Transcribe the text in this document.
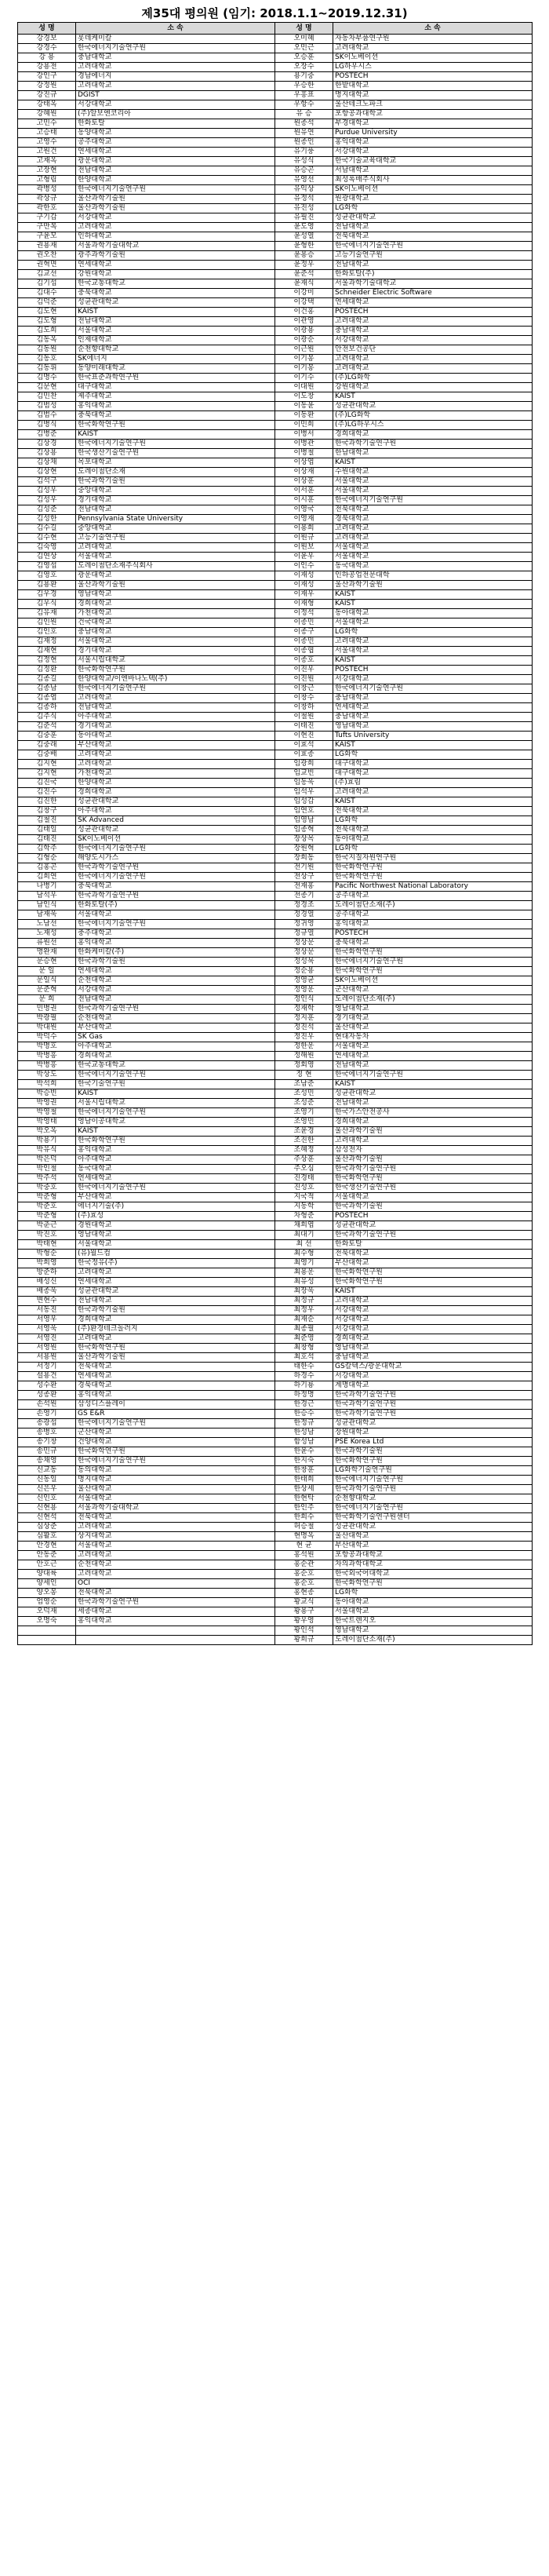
제35대 평의원 (임기: 2018.1.1~2019.12.31)
성 명	소 속	성 명	소 속
강경보	롯데케미칼	오미혜	자동차부품연구원
강경수	한국에너지기술연구원	오민근	고려대학교
강 용	충남대학교	오승훈	SK이노베이션
강용전	고려대학교	오장수	LG하우시스
강인구	경남에너지	용기중	POSTECH
강정원	고려대학교	우승한	한밭대학교
강진규	DGIST	우흥표	명지대학교
강태옥	서강대학교	우항수	울산테크노파크
강혜원	(주)알보엔코리아	유 승	포항공과대학교
고민수	한화토탈	원종석	부경대학교
고승태	동양대학교	원유연	Purdue University
고영수	공주대학교	원종인	홍익대학교
고원건	연세대학교	유기풍	서강대학교
고재옥	광운대학교	유성식	한국기술교육대학교
고장현	전남대학교	유승곤	서남대학교
고형림	한양대학교	유영선	최성폭매주식회사
곽병성	한국에너지기술연구원	유익상	SK이노베이션
곽상규	울산과학기술원	유정석	원광대학교
곽한호	울산과학기술원	유진성	LG화학
구기갑	서강대학교	유필진	성균관대학교
구만복	고려대학교	윤도영	전남대학교
구윤모	인하대학교	윤성열	전북대학교
권용재	서울과학기술대학교	윤형한	한국에너지기술연구원
권오찬	광주과학기술원	윤용승	고등기술연구원
권혁면	연세대학교	윤정우	전남대학교
김교선	강원대학교	윤준석	한화토탈(주)
김기섭	한국교통대학교	윤재식	서울과학기술대학교
김대수	충북대학교	이강미	Schneider Electric Software
김덕준	성균관대학교	이강택	연세대학교
김도현	KAIST	이건홍	POSTECH
김도형	전남대학교	이관영	고려대학교
김도희	서울대학교	이광용	충남대학교
김동옥	인제대학교	이광순	서강대학교
김동원	순천향대학교	이근원	안전보건공단
김동호	SK에너지	이기봉	고려대학교
김동휘	동양미래대학교	이기봉	고려대학교
김명수	한국표준과학연구원	이기수	(주)LG화학
김문현	대구대학교	이대원	강원대학교
김민찬	제주대학교	이도창	KAIST
김범성	홍익대학교	이동윤	성균관대학교
김범수	충북대학교	이동환	(주)LG화학
김병식	한국화학연구원	이민희	(주)LG하우시스
김병준	KAIST	이병서	경희대학교
김상경	한국에너지기술연구원	이병관	한국과학기술연구원
김상용	한국생산기술연구원	이병철	한남대학교
김상채	목포대학교	이상엽	KAIST
김상현	도레이첨단소재	이상재	수원대학교
김석구	한국과학기술원	이상훈	서울대학교
김성우	중앙대학교	이서훈	서울대학교
김성우	경기대학교	이시훈	한국에너지기술연구원
김성준	전남대학교	이영국	전북대학교
김성한	Pennsylvania State University	이영재	경북대학교
김수길	중앙대학교	이용희	고려대학교
김수현	고등기술연구원	이원규	고려대학교
김숙영	고려대학교	이원보	서울대학교
김연상	서울대학교	이윤우	서울대학교
김영섭	도레이첨단소재주식회사	이인수	동국대학교
김영호	광운대학교	이재성	인하공업전문대학
김용환	울산과학기술원	이재성	울산과학기술원
김우경	영남대학교	이재우	KAIST
김우식	경희대학교	이재형	KAIST
김유재	가천대학교	이정석	동아대학교
김인원	건국대학교	이종민	서울대학교
김인호	충남대학교	이종구	LG화학
김재정	서울대학교	이종민	고려대학교
김재현	경기대학교	이종협	서울대학교
김정현	서울시립대학교	이종호	KAIST
김정환	한국화학연구원	이진우	POSTECH
김종길	한양대학교/이엔바나노텍(주)	이진원	서강대학교
김종남	한국에너지기술연구원	이창근	한국에너지기술연구원
김종엽	고려대학교	이창수	충남대학교
김종하	전남대학교	이창하	연세대학교
김주식	아주대학교	이철원	충남대학교
김준석	경기대학교	이태진	영남대학교
김중훈	동아대학교	이현진	Tufts University
김중래	부산대학교	이효석	KAIST
김중배	고려대학교	이효종	LG화학
김지현	고려대학교	임광희	대구대학교
김지현	가천대학교	임교빈	대구대학교
김진국	한양대학교	임동욱	(주)효림
김진수	경희대학교	임석우	고려대학교
김진한	성균관대학교	임성갑	KAIST
김창구	아주대학교	임연호	전북대학교
김철진	SK Advanced	임영남	LG화학
김태일	성균관대학교	임종혁	전북대학교
김태진	SK이노베이션	장상목	동아대학교
김학주	한국에너지기술연구원	장원혁	LG화학
김형순	해양도시가스	장희동	한국지질자원연구원
김홍곤	한국과학기술연구원	전기원	한국화학연구원
김희연	한국에너지기술연구원	전상구	한국화학연구원
나병기	충북대학교	전재홍	Pacific Northwest National Laboratory
남석우	한국과학기술연구원	전종기	공주대학교
남인식	한화토탈(주)	정경조	도레이첨단소재(주)
남재욱	서울대학교	정경열	공주대학교
노남선	한국에너지기술연구원	정귀영	홍익대학교
노재성	충주대학교	정규열	POSTECH
류원선	홍익대학교	정상문	충북대학교
명완재	한화케미칼(주)	정상문	한국화학연구원
문승현	한국과학기술원	정성묵	한국에너지기술연구원
문 일	연세대학교	정순용	한국화학연구원
문일식	순천대학교	정영균	SK이노베이션
문준혁	서강대학교	정영운	군산대학교
문 희	전남대학교	정인식	도레이첨단소재(주)
민병권	한국과학기술연구원	정재학	영남대학교
박광필	순천대학교	정지훈	경기대학교
박대원	부산대학교	정진석	울산대학교
박덕수	SK Gas	정진우	현대자동차
박명호	아주대학교	정한운	서울대학교
박병흥	경희대학교	정해원	연세대학교
박병흥	한국교통대학교	정회영	전남대학교
박상도	한국에너지기술연구원	정 현	한국에너지기술연구원
박석희	한국기술연구원	조남준	KAIST
박승빈	KAIST	조성민	성균관대학교
박영권	서울시립대학교	조성준	전남대학교
박영철	한국에너지기술연구원	조영기	한국가스안전공사
박영태	영남이공대학교	조영민	경희대학교
박오옥	KAIST	조윤경	울산과학기술원
박용기	한국화학연구원	조진한	고려대학교
박유식	홍익대학교	조혜정	삼성전자
박은덕	아주대학교	주상훈	울산과학기술원
박인철	동국대학교	주오심	한국과학기술연구원
박주석	연세대학교	진경태	한국화학연구원
박중호	한국에너지기술연구원	진성호	한국생산기술연구원
박준형	부산대학교	지국적	서울대학교
박준호	에너지기술(주)	지동학	한국과학기술원
박준형	(주)효성	차형준	POSTECH
박춘근	경원대학교	채희엽	성균관대학교
박진호	영남대학교	최대기	한국과학기술연구원
박태현	서울대학교	최 선	한화토탈
박형순	(유)월드컴	최수형	전북대학교
박희영	한국정유(주)	최영기	부산대학교
방준하	고려대학교	최용운	한국화학연구원
배성신	연세대학교	최유성	한국화학연구원
배종욱	성균관대학교	최장욱	KAIST
변현수	전남대학교	최정규	고려대학교
서동진	한국과학기술원	최정우	서강대학교
서영우	경희대학교	최재순	서강대학교
서영욱	(주)환경테크놀러지	최종필	서강대학교
서영진	고려대학교	최준영	경희대학교
서영원	한국화학연구원	최창형	영남대학교
서용원	울산과학기술원	최호석	충남대학교
서정기	전북대학교	태한수	GS칼텍스/광운대학교
설용건	연세대학교	하경수	서강대학교
성수환	경북대학교	하기룡	계명대학교
성종환	홍익대학교	하정명	한국과학기술연구원
손석원	삼성디스플레이	한경근	한국과학기술연구원
손영기	GS E&R	한승수	한국과학기술연구원
송광섭	한국에너지기술연구원	한정규	성균관대학교
송병호	군산대학교	한성남	장원대학교
송기창	건양대학교	함성남	PSE Korea Ltd
송민규	한국화학연구원	한윤수	한국과학기술원
송채영	한국에너지기술연구원	한지숙	한국화학연구원
신교동	동의대학교	한창훈	LG화학기술연구원
신동일	명지대학교	한태희	한국에너지기술연구원
신은우	울산대학교	한상세	한국과학기술연구원
신인호	서울대학교	한현탁	순천향대학교
신현용	서울과학기술대학교	한인주	한국에너지기술연구원
신현석	전북대학교	한희수	한국화학기술연구원센터
심상준	고려대학교	허승철	성균관대학교
심활호	상지대학교	현명옥	울산대학교
안경현	서울대학교	현 균	부산대학교
안동준	고려대학교	홍석원	포항공과대학교
안호근	순천대학교	홍순관	차의과학대학교
양대륙	고려대학교	홍순호	한국외국어대학교
양세인	OCI	홍순호	한국화학연구원
양오봉	전북대학교	홍현종	LG화학
엄영순	한국과학기술연구원	황교식	동아대학교
오덕재	세종대학교	황용구	서울대학교
오명숙	홍익대학교	황우영	한국트렌지오
		황인석	영남대학교
		황희규	도레이첨단소재(주)
